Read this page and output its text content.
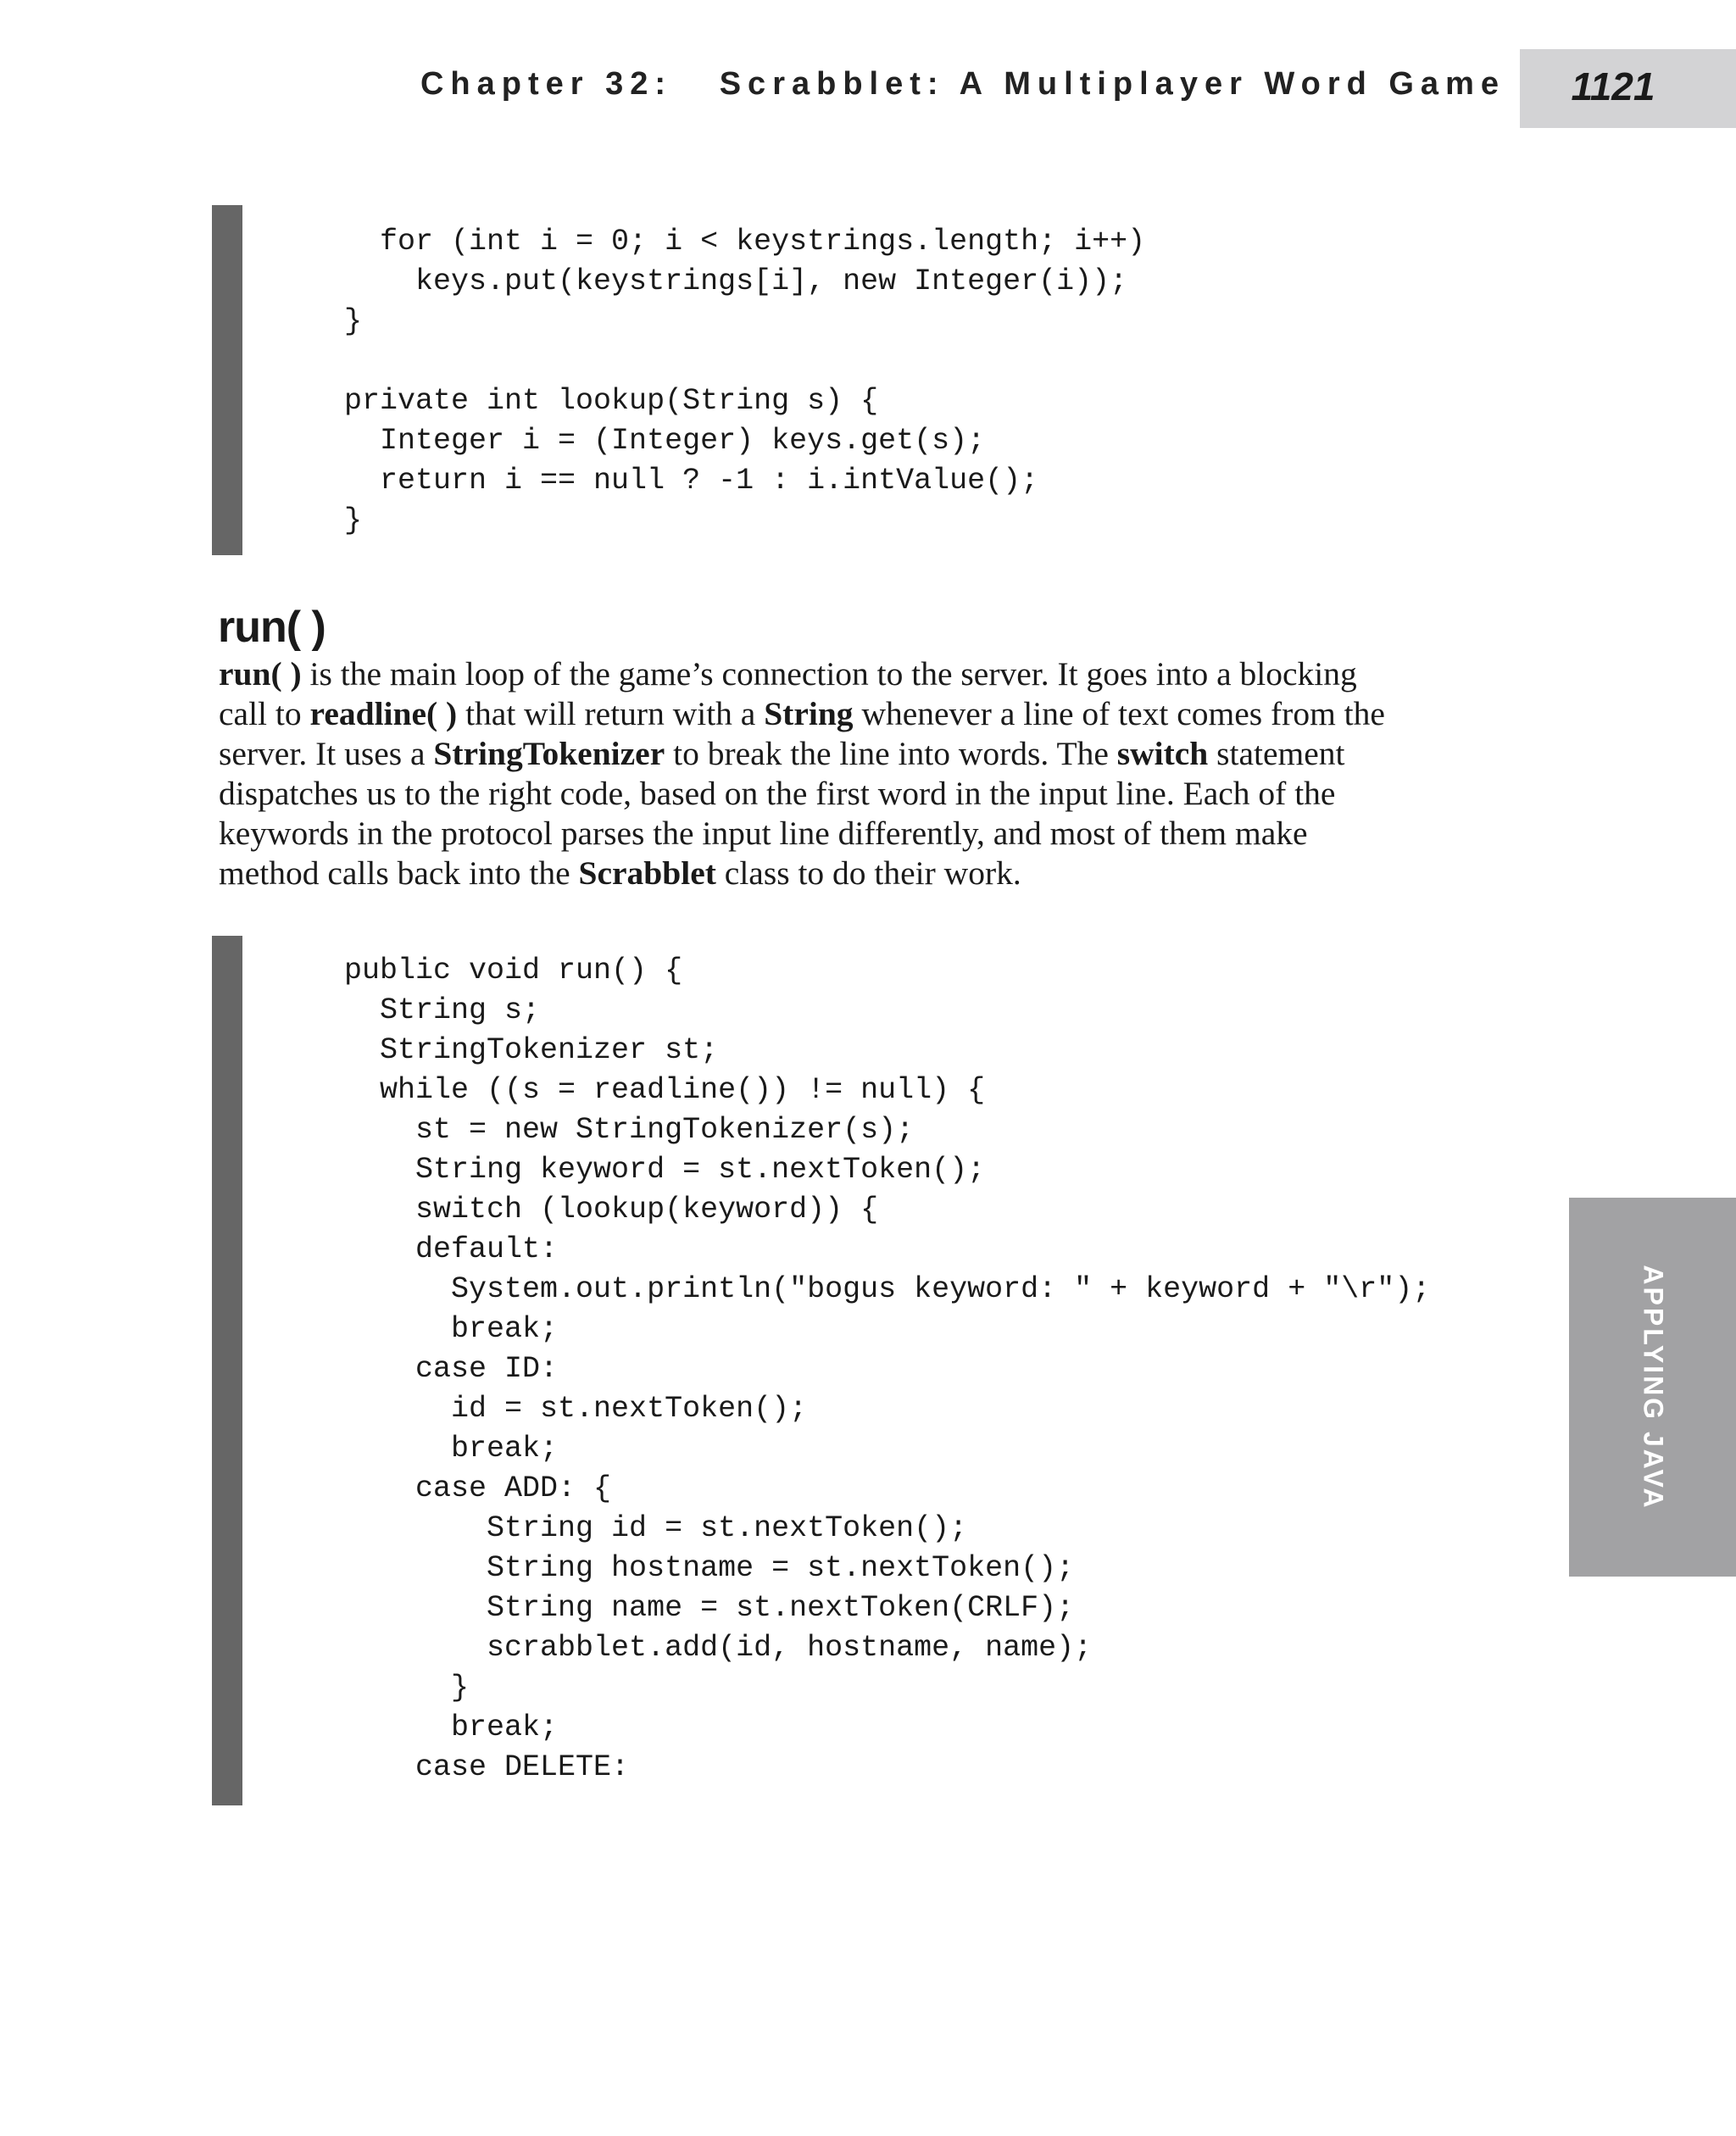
Chapter 32:   Scrabblet: A Multiplayer Word Game	1121
for (int i = 0; i < keystrings.length; i++)
keys.put(keystrings[i], new Integer(i));
}
private int lookup(String s) {
Integer i = (Integer) keys.get(s);
return i == null ? -1 : i.intValue();
}
run( )
run( ) is the main loop of the game’s connection to the server. It goes into a blocking
call to readline( ) that will return with a String whenever a line of text comes from the
server. It uses a StringTokenizer to break the line into words. The switch statement
dispatches us to the right code, based on the first word in the input line. Each of the
keywords in the protocol parses the input line differently, and most of them make
method calls back into the Scrabblet class to do their work.
public void run() {
String s;
StringTokenizer st;
while ((s = readline()) != null) {
st = new StringTokenizer(s);
String keyword = st.nextToken();
switch (lookup(keyword)) {
default:
System.out.println("bogus keyword: " + keyword + "\r");
break;
case ID:
id = st.nextToken();
break;
case ADD: {
String id = st.nextToken();
String hostname = st.nextToken();
String name = st.nextToken(CRLF);
scrabblet.add(id, hostname, name);
}
break;
case DELETE:
APPLYING JAVA
